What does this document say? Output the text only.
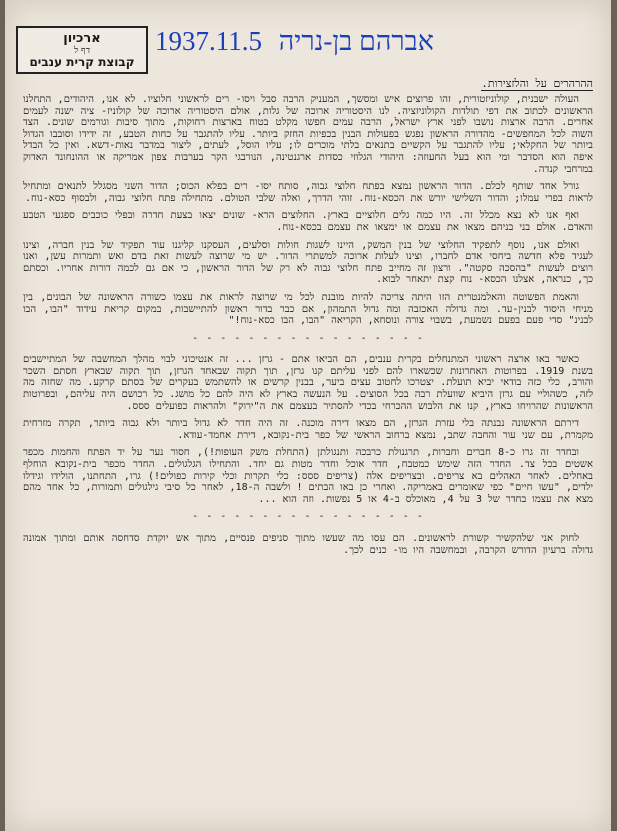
ארכיון
דף ל
קבוצת קרית ענבים
1937.11.5 אברהם בן-נריה
ההרהרים על והלזצירות.

העולה ישבנית, קולוניזטורית, זהו פרוצים איש ומסשך, המעניק הרבה סבל ויסו- רים לראשוני חלוציו. לא אנו, היהודים, התחלנו הראשונים לכתוב את דפי תולדות הקולוניזציה. לנו היסטוריה ארוכה של גלות, אולם היסטוריה ארוכה של קולוניז- ציה ישנה לעמים אחרים. הרבה ארצות נושבו לפני ארץ ישראל, הרבה עמים חפשו מקלט בטוח בארצות רחוקות, מתוך סיבות וגורמים שונים. הצד השוה לכל המחפשים- מהדורה הראשון נפגש בפעולות הבנין בכפיות החזק ביותר. עליו להתגבר על כחות הטבע, זה ידידו וסובבו הגדול ביותר של החקלאי; עליו להתגבר על הקשיים בתנאים בלתי מוכרים לו; עליו הוסל, לעתים, ליצור במדבר נאות-דשא. ואין כל הבדל איפה הוא הסדבר ומי הוא בעל החעוזה: היהודי הגלוזי כסדות ארגנטינה, הנורבגי הקר בערבות צפון אמריקה או ההונחונד האדוק במרחבי קנדה.

גורל אחד שותף לכלם. הדור הראשון נמצא בפתח חלוצי גבוה, סותח יסו- רים בפלא הכוס; הדור השני מסגלל לתנאים ומתחיל לראות בפרי עמלו; והדור השלישי יורש את הכסא-נוח. זוהי הדרך, ואלה שלבי הטולם. מתחילה פתח חלוצי גבוה, ולבסוף כסא-נוח.

ואף אנו לא נצא מכלל זה. היו כמה גלים חלוציים בארץ. החלוצים הרא- שונים יצאו בצעת חדרה ובפלי כוכבים ספגעי הטבע והאדם. אולם בני בניהם מצאו את עצמם או ימצאו את עצמם בכסא-נוח.

ואולם אנו, נוסף לתפקיד החלוצי של בנין המשק, היינו לשגות חולות וסלעים, העסקנו קליגנו עוד תפקיד של בנין חברה, וצינו לעגיד פלא חדשה ביחסי אדם לחברו, וצינו לעלות ארוכה למשתרי הדור. יש מי שרוצה לעשות זאת בדם ואש ותמרות עשן, ואנו רוצים לעשות "בהסכה סקטה". ורצון זה מחייב פתח חלוצי גבוה לא רק של הדור הראשון, כי אם גם לכמה דורות אחריו. וכסתם כך, כנראה, אצלנו הכסא- נוח קצת יתאחר לבוא.

והאמת הפשוטה והאלמנטרית הזו היתה צריכה להיות מובנת לכל מי שרוצה לראות את עצמו כשורה הראשונה של הבונים, בין מניחי היסוד לבנין-עד. ומה גדולה האכזבה ומה גדול התמהון, אם כבר בדור ראשון להתיישבות, במקום קריאת עידוד "הבו, הבו לבנינ" סדי פעם בפעם נשמעת, בשבוי צורה ונוסחא, הקריאה "הבו, הבו כסא-נוח!"

- - - - - - - - - - - - - - - - -

כאשר באו ארצה ראשוני המתנחלים בקרית ענבים, הם הביאו אתם - גרזן ... זה אנטיכוני לבוי מהלך המחשבה של המתיישבים בשנת 1919. בפרוטות האחרונות שכשארו להם לפני עליתם קנו גרזן, תוך תקוה שבאחד הגרזן, תוך תקוה שבארץ חסתם השכר והורב, כלי כזה בודאי יביא תועלת. יצטרכו לחטוב עצים ביער, בבנין קרשים או להשתמש בעקרים של בסתם קרקע. מה שחזה מה לזה, כשהוליי עם גרזן היביא שוועלת רבה בכל הסוצים. על הנעשה בארץ לא היה להם כל מושג. כל רכושם היה עליהם, ובפרוטות הראשונות שהרויחו בארץ, קנו את הלבוש ההכרחי בכדי להסתיר בעצמם את ה"ירוק" ולהראות כפועלים ססס.

דירתם הראשונה נבנתה בלי עזרת הגרזן, הם מצאו דירה מוכנה. זה היה חדר לא גדול ביותר ולא גבוה ביותר, תקרה מזרחית מקמרת, עם שני עור והחבה שתב, נמצא ברחוב הראשי של כפר בית-נקובא, דירת אחמד-עודא.

ובחדר זה גרו כ-8 חברים וחברות, תרגנולת כרבכה ותנגולתן (התחלת משק העופות!), חסור נער על יד הפתח והחמות מכפר אשטים בכל צד. החדר הזה שימש כמטבח, חדר אוכל וחדר מטות גם יחד. והתחילו הגלגולים. החדר מכפר בית-נקובא הוחלף באחלים. לאחר האהלים בא צריפים. ובצריפים אלה (צריפים ססס: כלי תקרות וכלי קירות כפולים!) גרו, התחתנו, הולידו וגידלו ילדים, "עשו חיים" כפי שאומרים באמריקה. ואחרי כן באו הבתים ! ולשבה ה-18, לאחר כל סיבי גילגולים ותמורות, כל אחד מהם מצא את עצמו בחדר של 3 על 4, מאוכלס ב-4 או 5 נפשות. וזה הוא ...

- - - - - - - - - - - - - - - - -

לחוק אני שלהקשיר קשורת לראשונים. הם עסו מה שעשו מתוך סניפים פנסיים, מתוך אש יוקדת סדחסה אותם ומתוך אמונה גדולה ברעיון הדורש הקרבה, ובמחשבה היו מו- כנים לכך.
